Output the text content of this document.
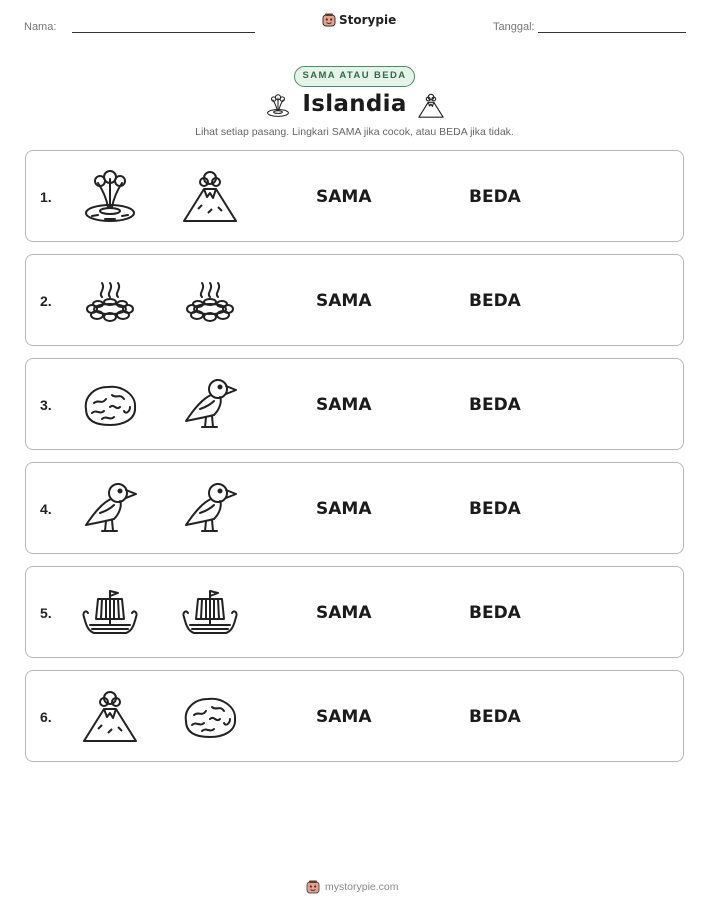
Nama:	Storypie	Tanggal:
SAMA ATAU BEDA
Islandia
Lihat setiap pasang. Lingkari SAMA jika cocok, atau BEDA jika tidak.
1.	SAMA	BEDA
2.	SAMA	BEDA
3.	SAMA	BEDA
4.	SAMA	BEDA
5.	SAMA	BEDA
6.	SAMA	BEDA
mystorypie.com
